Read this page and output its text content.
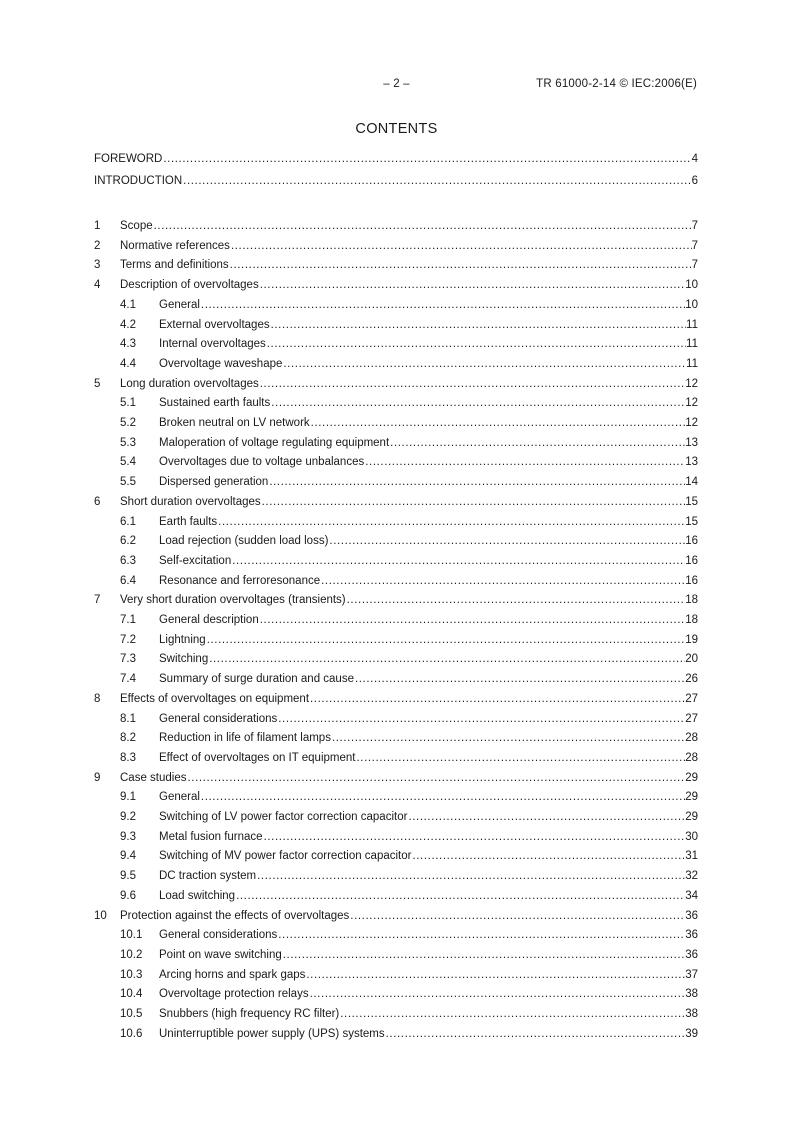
– 2 –	TR 61000-2-14 © IEC:2006(E)
CONTENTS
FOREWORD .....	4
INTRODUCTION .....	6
1	Scope .....	7
2	Normative references .....	7
3	Terms and definitions .....	7
4	Description of overvoltages .....	10
4.1	General .....	10
4.2	External overvoltages .....	11
4.3	Internal overvoltages .....	11
4.4	Overvoltage waveshape .....	11
5	Long duration overvoltages .....	12
5.1	Sustained earth faults .....	12
5.2	Broken neutral on LV network .....	12
5.3	Maloperation of voltage regulating equipment .....	13
5.4	Overvoltages due to voltage unbalances .....	13
5.5	Dispersed generation .....	14
6	Short duration overvoltages .....	15
6.1	Earth faults .....	15
6.2	Load rejection (sudden load loss) .....	16
6.3	Self-excitation .....	16
6.4	Resonance and ferroresonance .....	16
7	Very short duration overvoltages (transients) .....	18
7.1	General description .....	18
7.2	Lightning .....	19
7.3	Switching .....	20
7.4	Summary of surge duration and cause .....	26
8	Effects of overvoltages on equipment .....	27
8.1	General considerations .....	27
8.2	Reduction in life of filament lamps .....	28
8.3	Effect of overvoltages on IT equipment .....	28
9	Case studies .....	29
9.1	General .....	29
9.2	Switching of LV power factor correction capacitor .....	29
9.3	Metal fusion furnace .....	30
9.4	Switching of MV power factor correction capacitor .....	31
9.5	DC traction system .....	32
9.6	Load switching .....	34
10	Protection against the effects of overvoltages .....	36
10.1	General considerations .....	36
10.2	Point on wave switching .....	36
10.3	Arcing horns and spark gaps .....	37
10.4	Overvoltage protection relays .....	38
10.5	Snubbers (high frequency RC filter) .....	38
10.6	Uninterruptible power supply (UPS) systems .....	39
